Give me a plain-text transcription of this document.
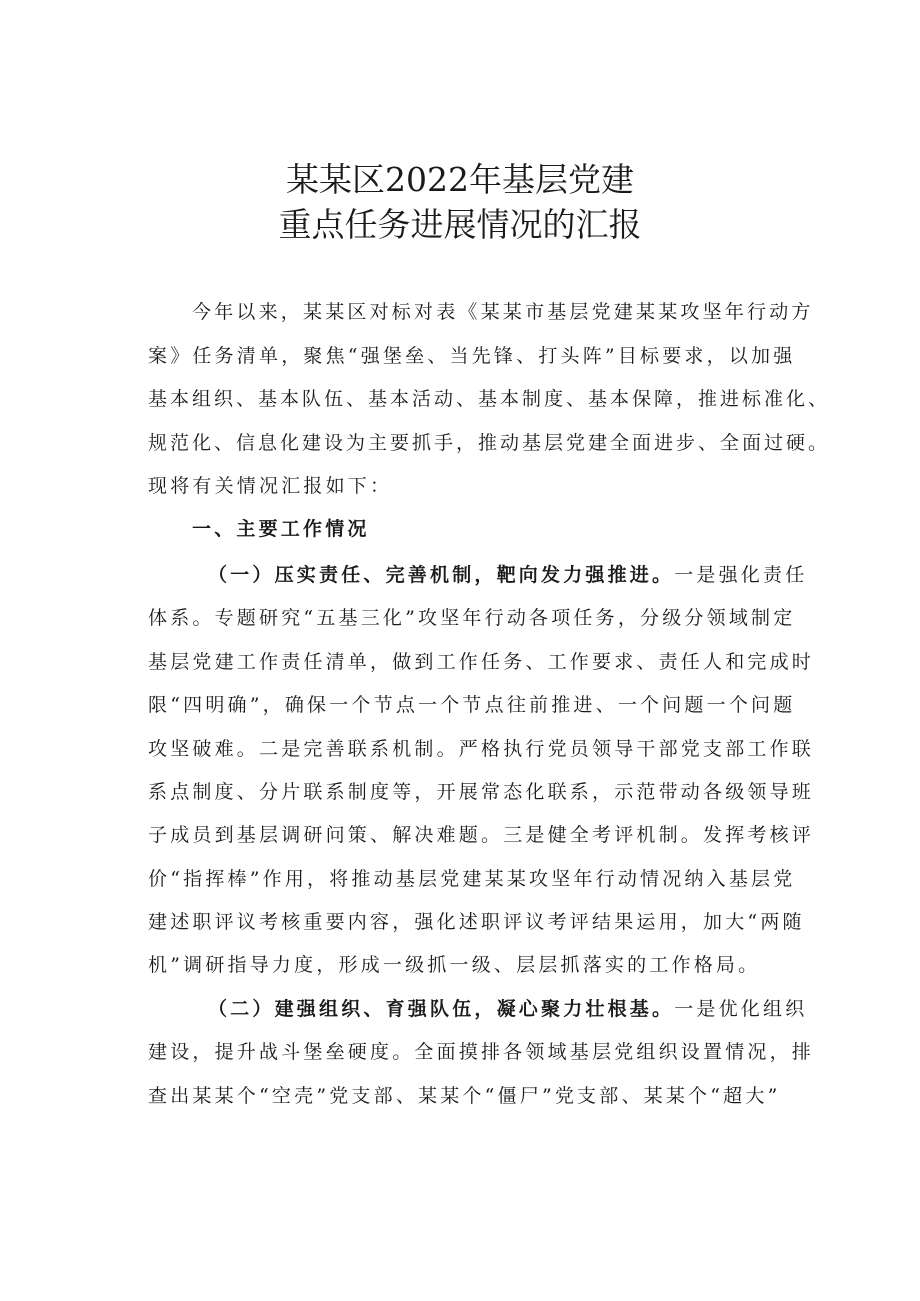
某某区2022年基层党建
重点任务进展情况的汇报
今年以来，某某区对标对表《某某市基层党建某某攻坚年行动方
案》任务清单，聚焦“强堡垒、当先锋、打头阵”目标要求，以加强
基本组织、基本队伍、基本活动、基本制度、基本保障，推进标准化、
规范化、信息化建设为主要抓手，推动基层党建全面进步、全面过硬。
现将有关情况汇报如下：
一、主要工作情况
（一）压实责任、完善机制，靶向发力强推进。一是强化责任
体系。专题研究“五基三化”攻坚年行动各项任务，分级分领域制定
基层党建工作责任清单，做到工作任务、工作要求、责任人和完成时
限“四明确”，确保一个节点一个节点往前推进、一个问题一个问题
攻坚破难。二是完善联系机制。严格执行党员领导干部党支部工作联
系点制度、分片联系制度等，开展常态化联系，示范带动各级领导班
子成员到基层调研问策、解决难题。三是健全考评机制。发挥考核评
价“指挥棒”作用，将推动基层党建某某攻坚年行动情况纳入基层党
建述职评议考核重要内容，强化述职评议考评结果运用，加大“两随
机”调研指导力度，形成一级抓一级、层层抓落实的工作格局。
（二）建强组织、育强队伍，凝心聚力壮根基。一是优化组织
建设，提升战斗堡垒硬度。全面摸排各领域基层党组织设置情况，排
查出某某个“空壳”党支部、某某个“僵尸”党支部、某某个“超大”
